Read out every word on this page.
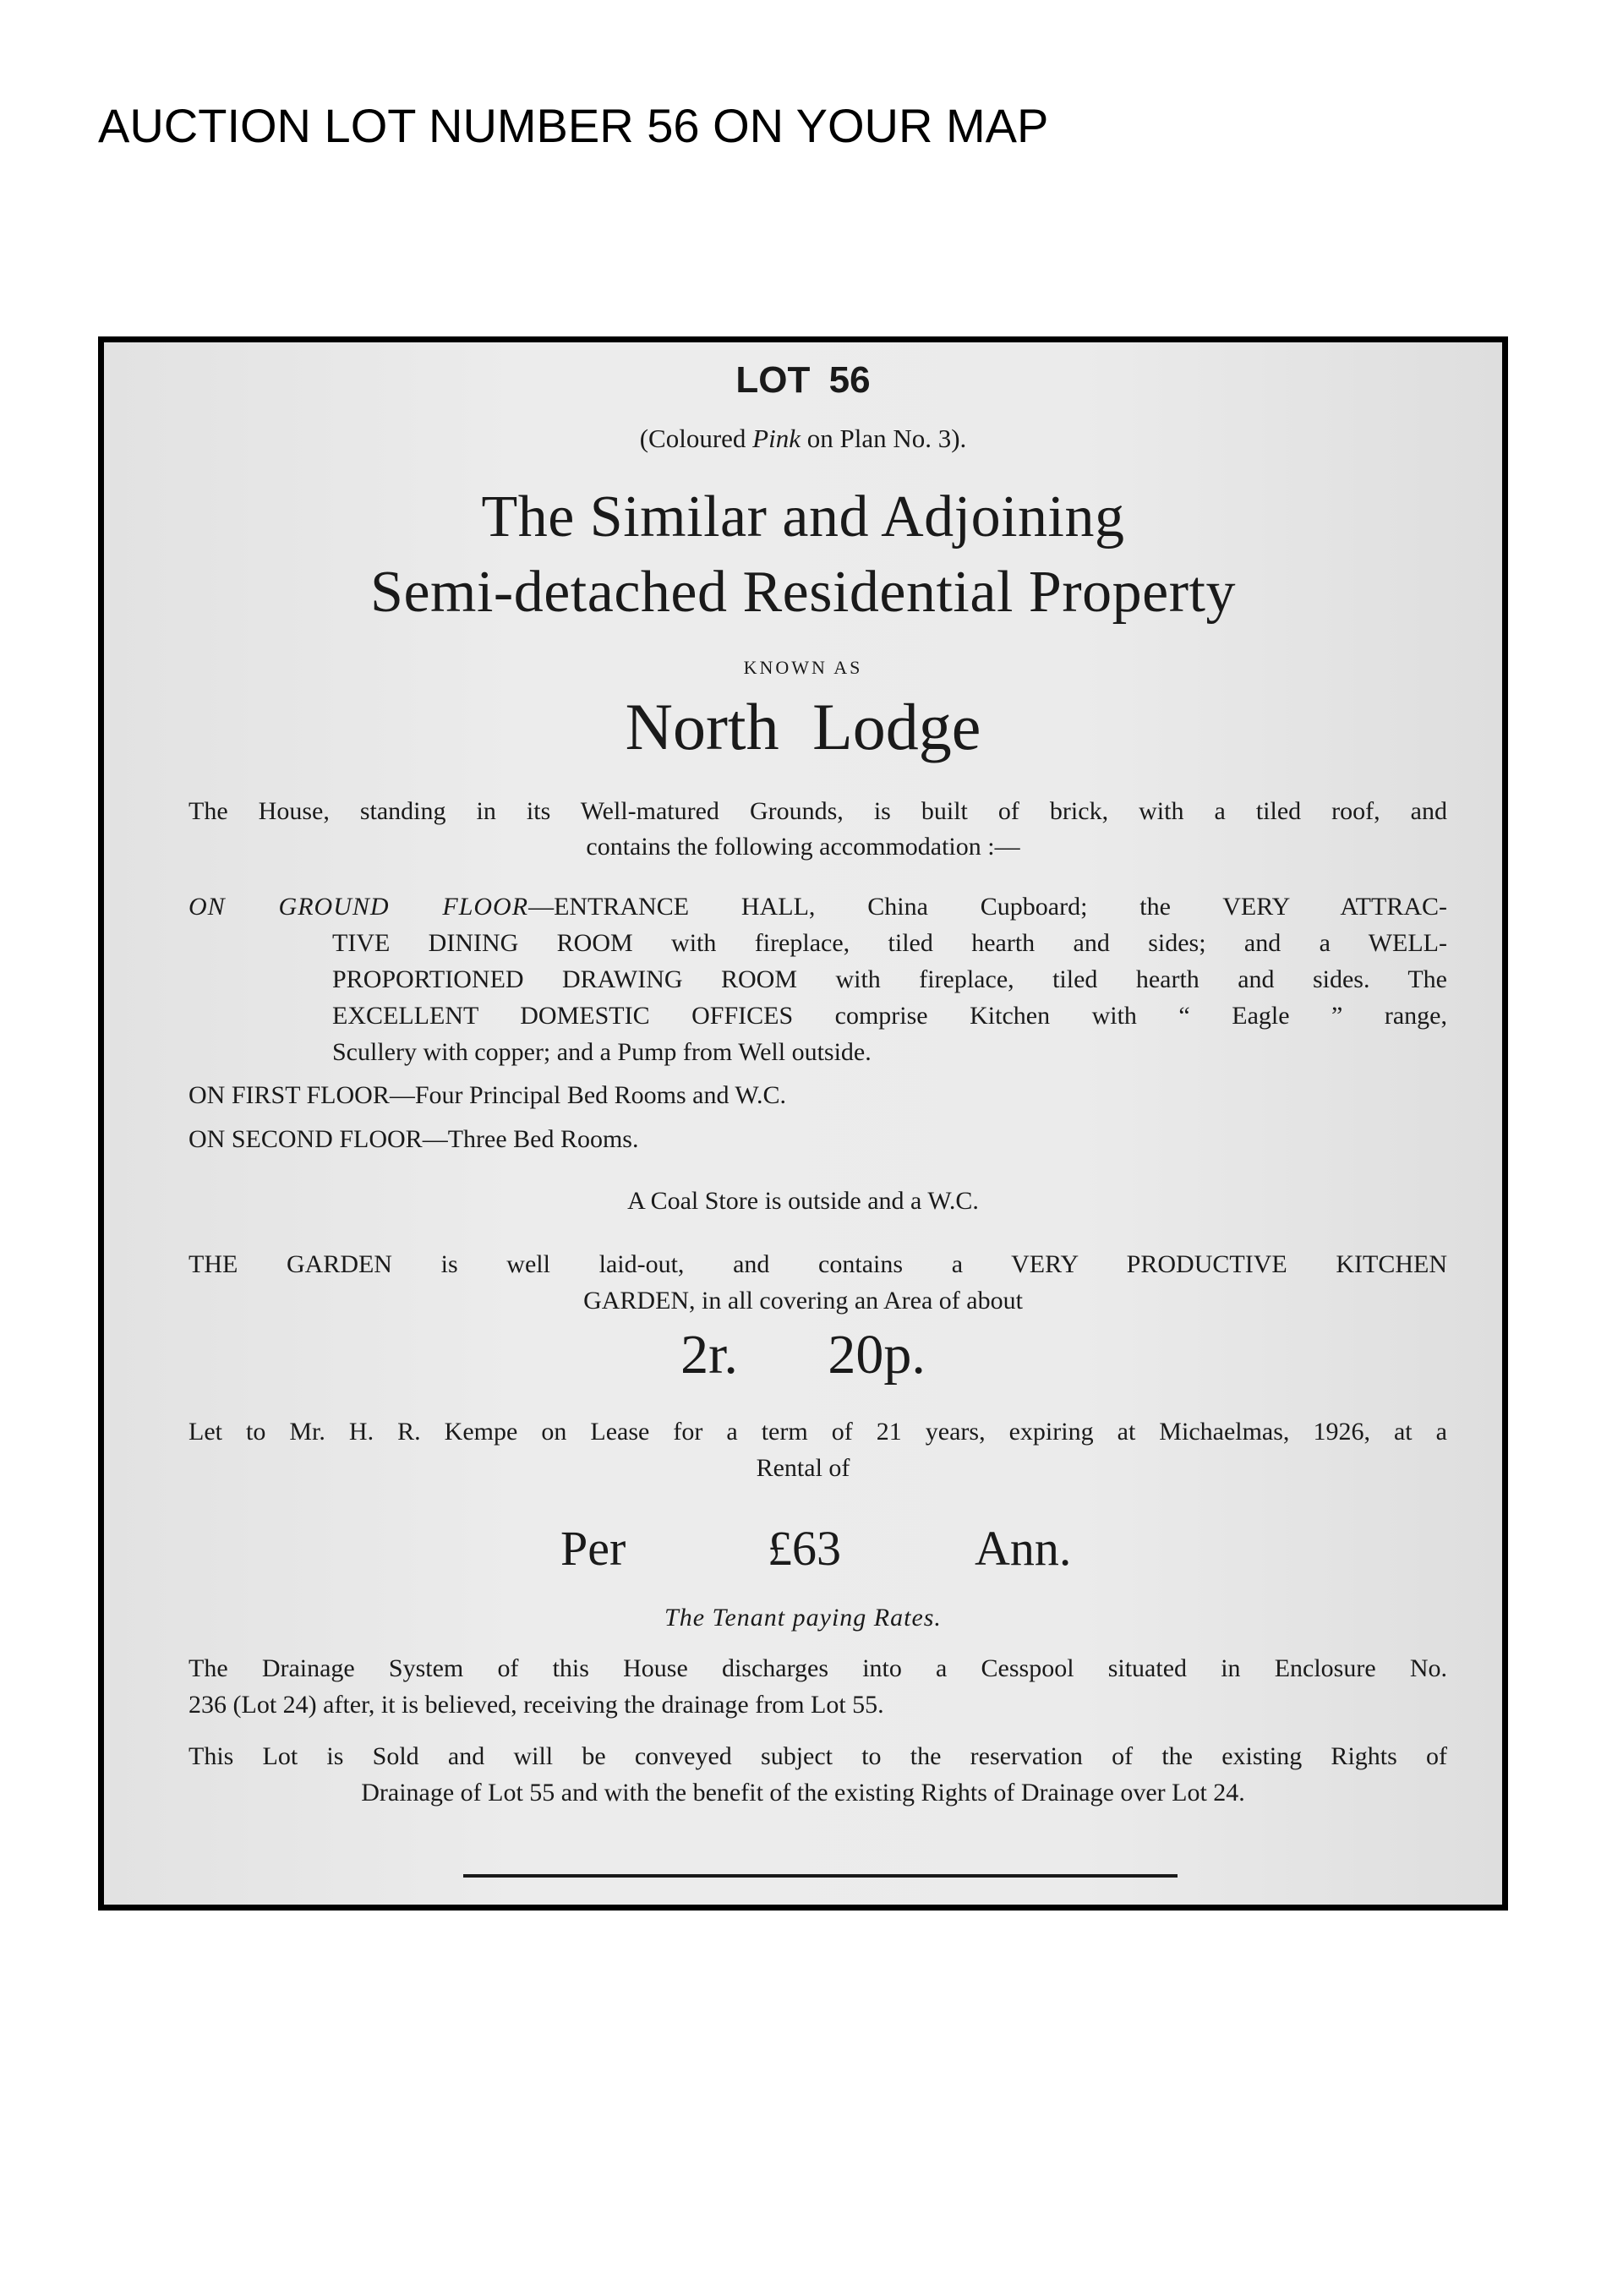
AUCTION LOT NUMBER 56 ON YOUR MAP
LOT 56
(Coloured Pink on Plan No. 3).
The Similar and Adjoining
Semi-detached Residential Property
KNOWN AS
North Lodge
The House, standing in its Well-matured Grounds, is built of brick, with a tiled roof, and
contains the following accommodation :—
ON GROUND FLOOR—ENTRANCE HALL, China Cupboard; the VERY ATTRAC-
TIVE DINING ROOM with fireplace, tiled hearth and sides; and a WELL-
PROPORTIONED DRAWING ROOM with fireplace, tiled hearth and sides. The
EXCELLENT DOMESTIC OFFICES comprise Kitchen with “ Eagle ” range,
Scullery with copper; and a Pump from Well outside.
ON FIRST FLOOR—Four Principal Bed Rooms and W.C.
ON SECOND FLOOR—Three Bed Rooms.
A Coal Store is outside and a W.C.
THE GARDEN is well laid-out, and contains a VERY PRODUCTIVE KITCHEN
GARDEN, in all covering an Area of about
2r. 20p.
Let to Mr. H. R. Kempe on Lease for a term of 21 years, expiring at Michaelmas, 1926, at a
Rental of
Per	£63	Ann.
The Tenant paying Rates.
The Drainage System of this House discharges into a Cesspool situated in Enclosure No.
236 (Lot 24) after, it is believed, receiving the drainage from Lot 55.
This Lot is Sold and will be conveyed subject to the reservation of the existing Rights of
Drainage of Lot 55 and with the benefit of the existing Rights of Drainage over Lot 24.
